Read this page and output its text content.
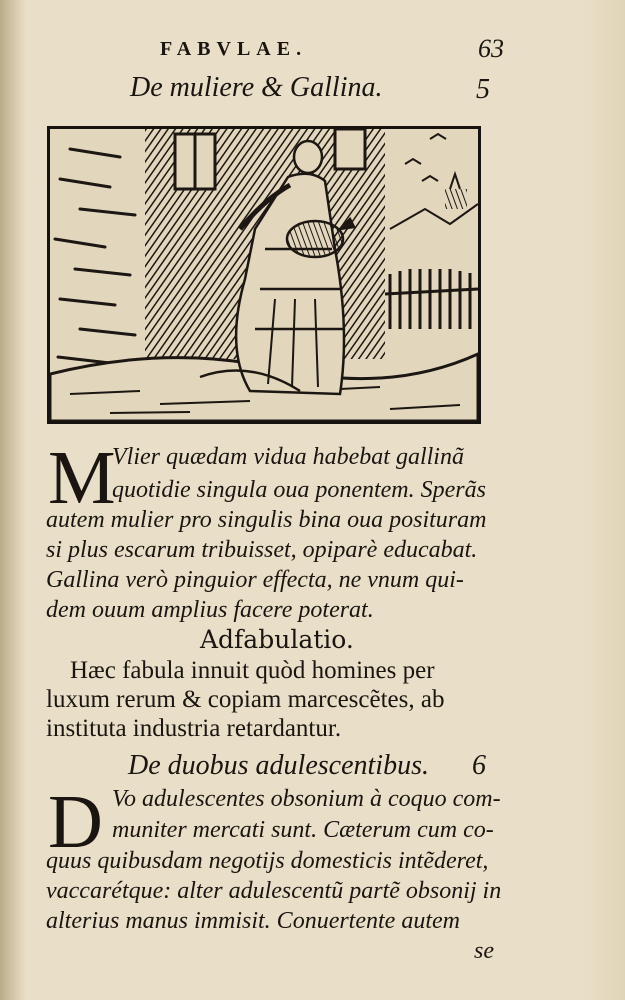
FABVLAE.	63
De muliere & Gallina.	5
M
Vlier quædam vidua habebat gallinã
quotidie singula oua ponentem. Sperãs
autem mulier pro singulis bina oua posituram
si plus escarum tribuisset, opiparè educabat.
Gallina verò pinguior effecta, ne vnum qui-
dem ouum amplius facere poterat.
Adfabulatio.
Hæc fabula innuit quòd homines per
luxum rerum & copiam marcescẽtes, ab
instituta industria retardantur.
De duobus adulescentibus. 6
D Vo adulescentes obsonium à coquo com-
muniter mercati sunt. Cæterum cum co-
quus quibusdam negotijs domesticis intẽderet,
vaccarétque: alter adulescentũ partẽ obsonij in
alterius manus immisit. Conuertente autem
se
